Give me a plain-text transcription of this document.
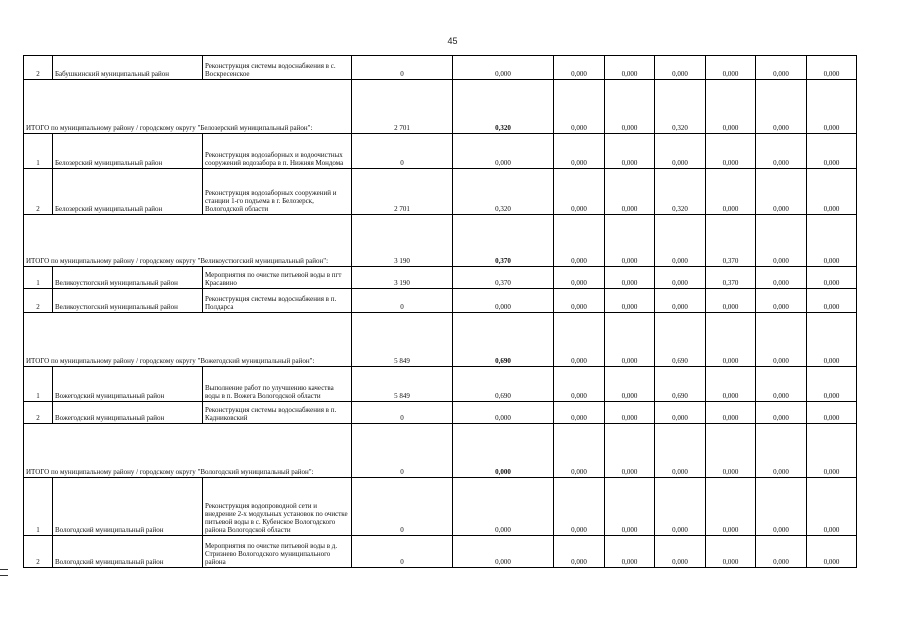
45
2	Бабушкинский муниципальный район	Реконструкция системы водоснабжения в с. Воскресенское	0	0,000	0,000	0,000	0,000	0,000	0,000	0,000
ИТОГО по муниципальному району / городскому округу "Белозерский муниципальный район":			2 701	0,320	0,000	0,000	0,320	0,000	0,000	0,000
1	Белозерский муниципальный район	Реконструкция водозаборных и водоочистных сооружений водозабора в п. Нижняя Мондома	0	0,000	0,000	0,000	0,000	0,000	0,000	0,000
2	Белозерский муниципальный район	Реконструкция водозаборных сооружений и станции 1-го подъема в г. Белозерск, Вологодской области	2 701	0,320	0,000	0,000	0,320	0,000	0,000	0,000
ИТОГО по муниципальному району / городскому округу "Великоустюгский муниципальный район":			3 190	0,370	0,000	0,000	0,000	0,370	0,000	0,000
1	Великоустюгский муниципальный район	Мероприятия по очистке питьевой воды в пгт Красавино	3 190	0,370	0,000	0,000	0,000	0,370	0,000	0,000
2	Великоустюгский муниципальный район	Реконструкция системы водоснабжения в п. Полдарса	0	0,000	0,000	0,000	0,000	0,000	0,000	0,000
ИТОГО по муниципальному району / городскому округу "Вожегодский муниципальный район":			5 849	0,690	0,000	0,000	0,690	0,000	0,000	0,000
1	Вожегодский муниципальный район	Выполнение работ по улучшению качества воды в п. Вожега Вологодской области	5 849	0,690	0,000	0,000	0,690	0,000	0,000	0,000
2	Вожегодский муниципальный район	Реконструкция системы водоснабжения в п. Кадниковский	0	0,000	0,000	0,000	0,000	0,000	0,000	0,000
ИТОГО по муниципальному району / городскому округу "Вологодский муниципальный район":			0	0,000	0,000	0,000	0,000	0,000	0,000	0,000
1	Вологодский муниципальный район	Реконструкция водопроводной сети и внедрение 2-х модульных установок по очистке питьевой воды в с. Кубенское Вологодского района Вологодской области	0	0,000	0,000	0,000	0,000	0,000	0,000	0,000
2	Вологодский муниципальный район	Мероприятия по очистке питьевой воды в д. Стризнево Вологодского муниципального района	0	0,000	0,000	0,000	0,000	0,000	0,000	0,000
